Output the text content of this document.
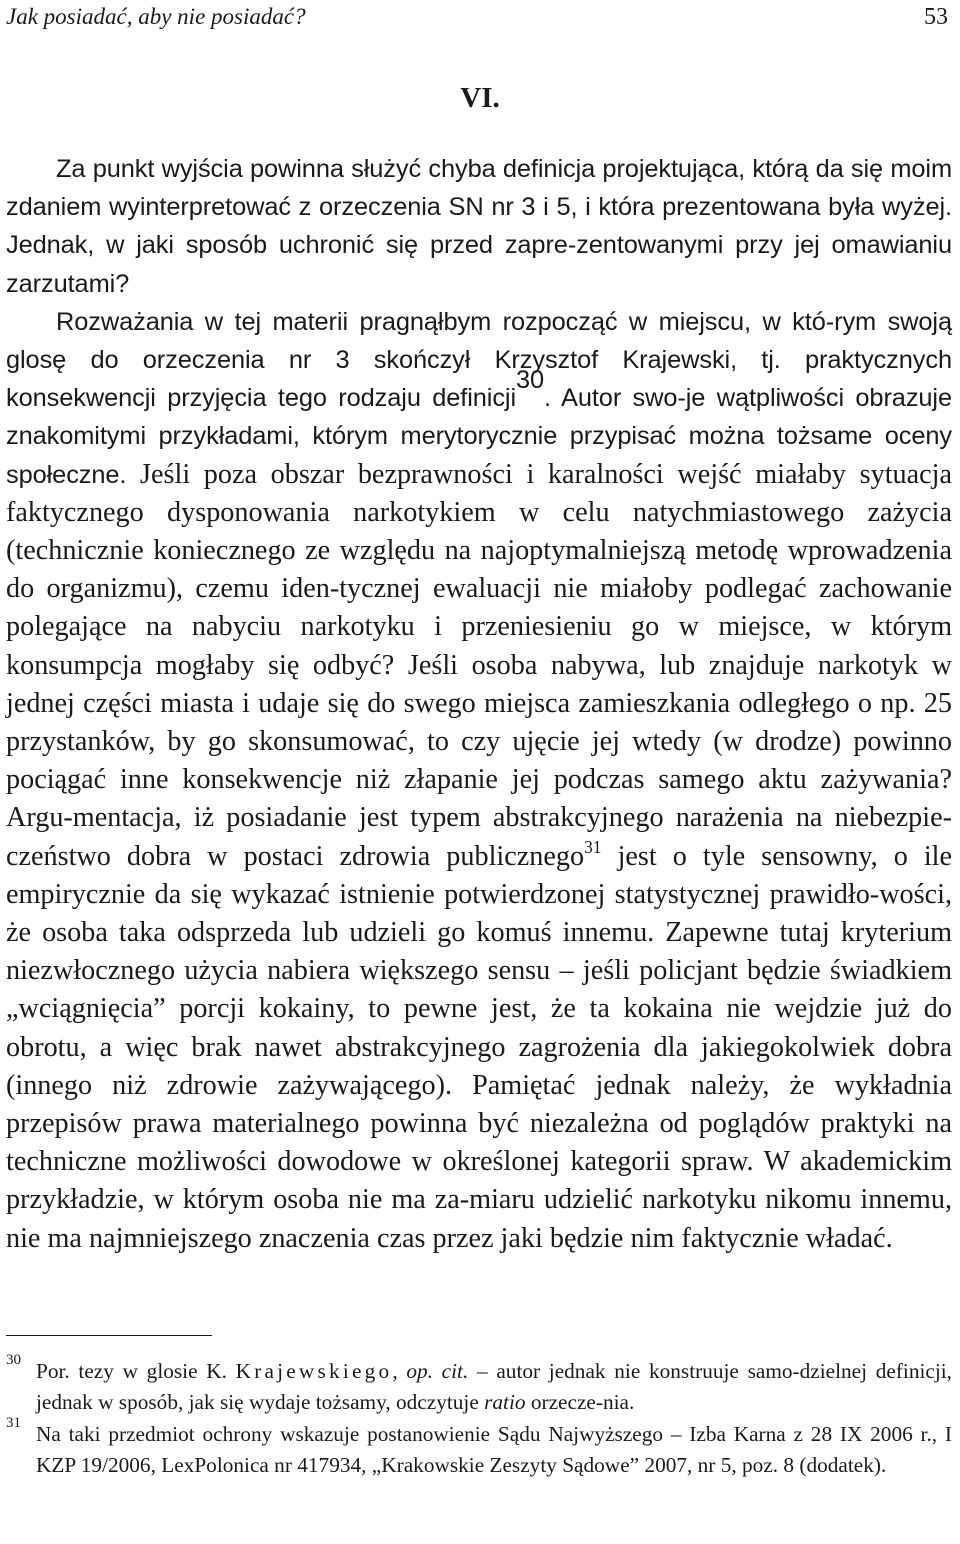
Jak posiadać, aby nie posiadać?	53
VI.

Za punkt wyjścia powinna służyć chyba definicja projektująca, którą da się moim zdaniem wyinterpretować z orzeczenia SN nr 3 i 5, i która prezentowana była wyżej. Jednak, w jaki sposób uchronić się przed zapre-zentowanymi przy jej omawianiu zarzutami?

Rozważania w tej materii pragnąłbym rozpocząć w miejscu, w któ-rym swoją glosę do orzeczenia nr 3 skończył Krzysztof Krajewski, tj. praktycznych konsekwencji przyjęcia tego rodzaju definicji$^{30}$. Autor swo-je wątpliwości obrazuje znakomitymi przykładami, którym merytorycznie przypisać można tożsame oceny społeczne. Jeśli poza obszar bezprawności i karalności wejść miałaby sytuacja faktycznego dysponowania narkotykiem w celu natychmiastowego zażycia (technicznie koniecznego ze względu na najoptymalniejszą metodę wprowadzenia do organizmu), czemu iden-tycznej ewaluacji nie miałoby podlegać zachowanie polegające na nabyciu narkotyku i przeniesieniu go w miejsce, w którym konsumpcja mogłaby się odbyć? Jeśli osoba nabywa, lub znajduje narkotyk w jednej części miasta i udaje się do swego miejsca zamieszkania odległego o np. 25 przystanków, by go skonsumować, to czy ujęcie jej wtedy (w drodze) powinno pociągać inne konsekwencje niż złapanie jej podczas samego aktu zażywania? Argu-mentacja, iż posiadanie jest typem abstrakcyjnego narażenia na niebezpie-czeństwo dobra w postaci zdrowia publicznego$^{31}$ jest o tyle sensowny, o ile empirycznie da się wykazać istnienie potwierdzonej statystycznej prawidło-wości, że osoba taka odsprzeda lub udzieli go komuś innemu. Zapewne tutaj kryterium niezwłocznego użycia nabiera większego sensu – jeśli policjant będzie świadkiem „wciągnięcia” porcji kokainy, to pewne jest, że ta kokaina nie wejdzie już do obrotu, a więc brak nawet abstrakcyjnego zagrożenia dla jakiegokolwiek dobra (innego niż zdrowie zażywającego). Pamiętać jednak należy, że wykładnia przepisów prawa materialnego powinna być niezależna od poglądów praktyki na techniczne możliwości dowodowe w określonej kategorii spraw. W akademickim przykładzie, w którym osoba nie ma za-miaru udzielić narkotyku nikomu innemu, nie ma najmniejszego znaczenia czas przez jaki będzie nim faktycznie władać.

30 Por. tezy w glosie K. Krajewskiego, op. cit. – autor jednak nie konstruuje samo-dzielnej definicji, jednak w sposób, jak się wydaje tożsamy, odczytuje ratio orzecze-nia.
31 Na taki przedmiot ochrony wskazuje postanowienie Sądu Najwyższego – Izba Karna z 28 IX 2006 r., I KZP 19/2006, LexPolonica nr 417934, „Krakowskie Zeszyty Sądowe” 2007, nr 5, poz. 8 (dodatek).
